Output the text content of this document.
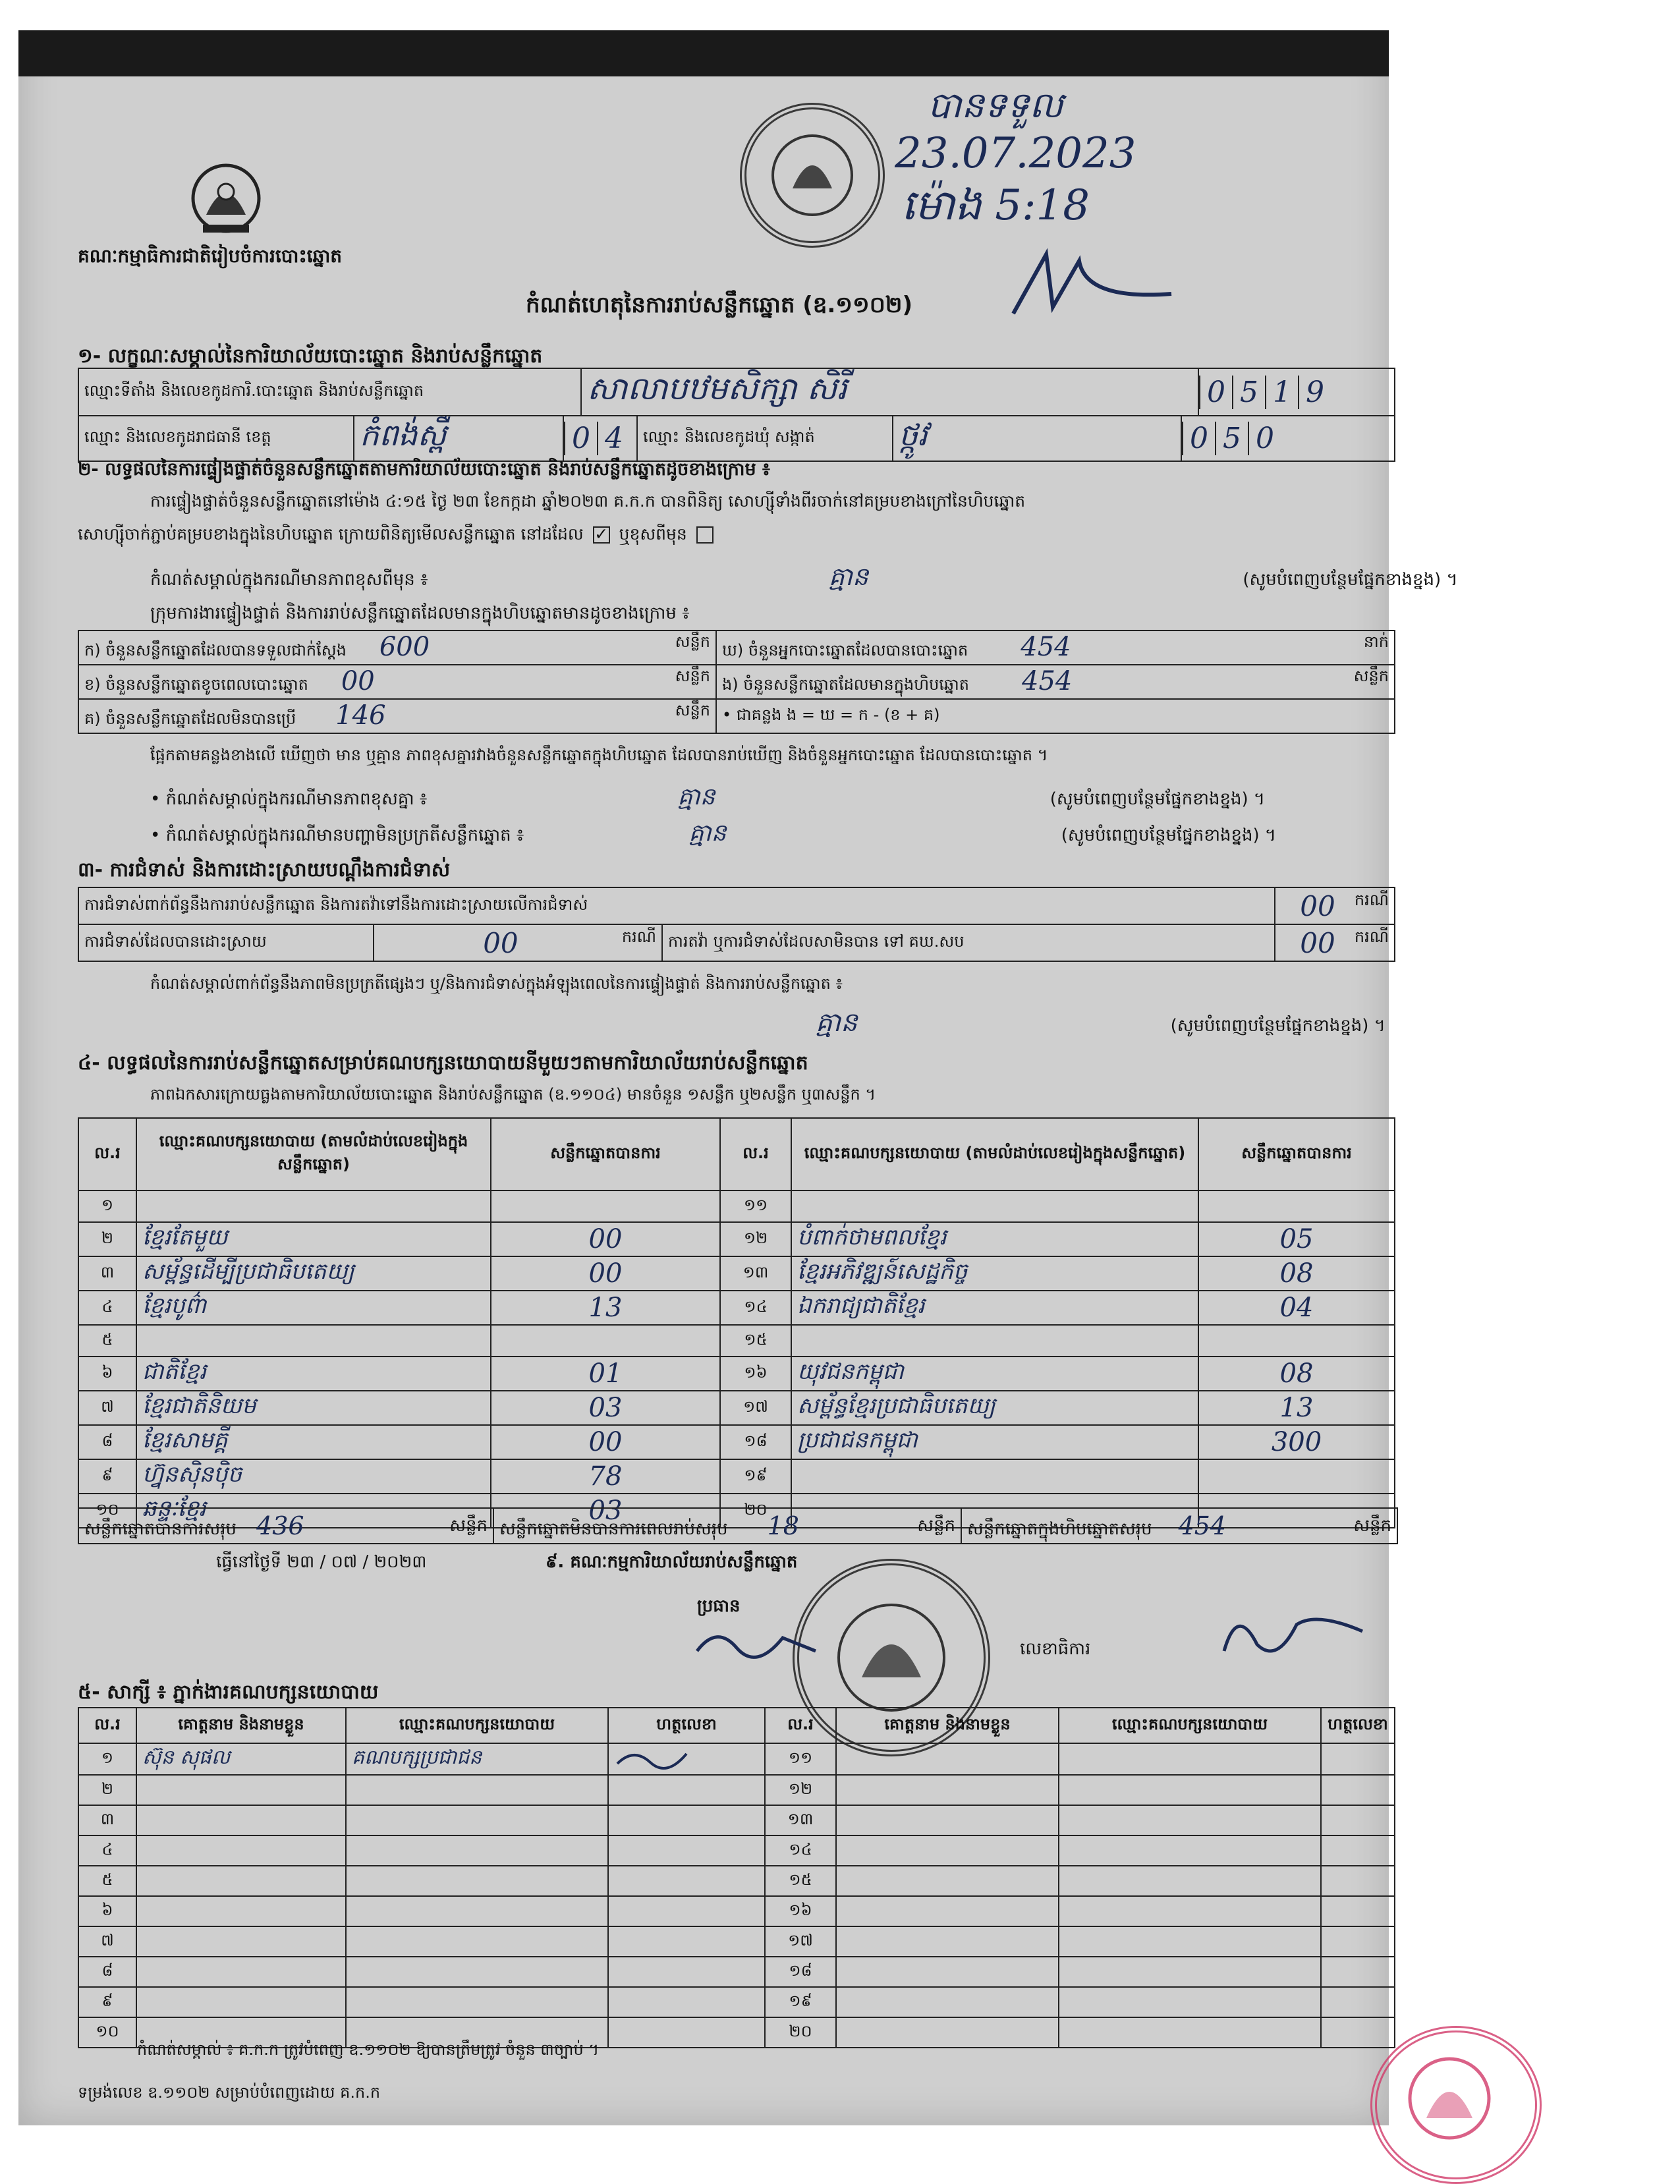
គណៈកម្មាធិការជាតិរៀបចំការបោះឆ្នោត
បានទទួល
23.07.2023
ម៉ោង 5:18
កំណត់ហេតុនៃការរាប់សន្លឹកឆ្នោត (ឧ.១១០២)
១- លក្ខណៈសម្គាល់នៃការិយាល័យបោះឆ្នោត និងរាប់សន្លឹកឆ្នោត
ឈ្មោះទីតាំង និងលេខកូដការិ.បោះឆ្នោត និងរាប់សន្លឹកឆ្នោត	សាលាបឋមសិក្សា សិរី	0 5 1 9

ឈ្មោះ និងលេខកូដរាជធានី ខេត្ត	កំពង់ស្ពឺ	0 4	ឈ្មោះ និងលេខកូដឃុំ សង្កាត់	ថ្កូវ	0 5 0
២- លទ្ធផលនៃការផ្ទៀងផ្ទាត់ចំនួនសន្លឹកឆ្នោតតាមការិយាល័យបោះឆ្នោត និងរាប់សន្លឹកឆ្នោតដូចខាងក្រោម ៖
ការផ្ទៀងផ្ទាត់ចំនួនសន្លឹកឆ្នោតនៅម៉ោង ៤:១៥ ថ្ងៃ ២៣ ខែកក្កដា ឆ្នាំ២០២៣ គ.ក.ក បានពិនិត្យ សោហ្ស៊ីទាំងពីរចាក់នៅគម្របខាងក្រៅនៃហិបឆ្នោត
សោហ្ស៊ីចាក់ភ្ជាប់គម្របខាងក្នុងនៃហិបឆ្នោត ក្រោយពិនិត្យមើលសន្លឹកឆ្នោត នៅដដែល ✓ ឬខុសពីមុន
កំណត់សម្គាល់ក្នុងករណីមានភាពខុសពីមុន ៖	គ្មាន	(សូមបំពេញបន្ថែមផ្នែកខាងខ្នង) ។
ក្រុមការងារផ្ទៀងផ្ទាត់ និងការរាប់សន្លឹកឆ្នោតដែលមានក្នុងហិបឆ្នោតមានដូចខាងក្រោម ៖
ក) ចំនួនសន្លឹកឆ្នោតដែលបានទទួលជាក់ស្តែង 600 សន្លឹក	ឃ) ចំនួនអ្នកបោះឆ្នោតដែលបានបោះឆ្នោត 454 នាក់

ខ) ចំនួនសន្លឹកឆ្នោតខូចពេលបោះឆ្នោត 00 សន្លឹក	ង) ចំនួនសន្លឹកឆ្នោតដែលមានក្នុងហិបឆ្នោត 454 សន្លឹក

គ) ចំនួនសន្លឹកឆ្នោតដែលមិនបានប្រើ 146 សន្លឹក	• ជាគន្លង ង = ឃ = ក - (ខ + គ)
ផ្អែកតាមគន្លងខាងលើ ឃើញថា មាន ឬគ្មាន ភាពខុសគ្នារវាងចំនួនសន្លឹកឆ្នោតក្នុងហិបឆ្នោត ដែលបានរាប់ឃើញ និងចំនួនអ្នកបោះឆ្នោត ដែលបានបោះឆ្នោត ។
• កំណត់សម្គាល់ក្នុងករណីមានភាពខុសគ្នា ៖	គ្មាន	(សូមបំពេញបន្ថែមផ្នែកខាងខ្នង) ។
• កំណត់សម្គាល់ក្នុងករណីមានបញ្ហាមិនប្រក្រតីសន្លឹកឆ្នោត ៖	គ្មាន	(សូមបំពេញបន្ថែមផ្នែកខាងខ្នង) ។
៣- ការជំទាស់ និងការដោះស្រាយបណ្តឹងការជំទាស់
ការជំទាស់ពាក់ព័ន្ធនឹងការរាប់សន្លឹកឆ្នោត និងការតវ៉ាទៅនឹងការដោះស្រាយលើការជំទាស់			00 ករណី

ការជំទាស់ដែលបានដោះស្រាយ	00 ករណី	ការតវ៉ា ឬការជំទាស់ដែលសាមិនបាន ទៅ គឃ.សប	00 ករណី
កំណត់សម្គាល់ពាក់ព័ន្ធនឹងភាពមិនប្រក្រតីផ្សេងៗ ឬ/និងការជំទាស់ក្នុងអំឡុងពេលនៃការផ្ទៀងផ្ទាត់ និងការរាប់សន្លឹកឆ្នោត ៖
គ្មាន	(សូមបំពេញបន្ថែមផ្នែកខាងខ្នង) ។
៤- លទ្ធផលនៃការរាប់សន្លឹកឆ្នោតសម្រាប់គណបក្សនយោបាយនីមួយៗតាមការិយាល័យរាប់សន្លឹកឆ្នោត
ភាពឯកសារក្រោយធ្លងតាមការិយាល័យបោះឆ្នោត និងរាប់សន្លឹកឆ្នោត (ឧ.១១០៤) មានចំនួន ១សន្លឹក ឬ២សន្លឹក ឬ៣សន្លឹក ។
ល.រ	ឈ្មោះគណបក្សនយោបាយ (តាមលំដាប់លេខរៀងក្នុងសន្លឹកឆ្នោត)	សន្លឹកឆ្នោតបានការ	ល.រ	ឈ្មោះគណបក្សនយោបាយ (តាមលំដាប់លេខរៀងក្នុងសន្លឹកឆ្នោត)	សន្លឹកឆ្នោតបានការ
១			១១		
២	ខ្មែរតែមួយ	00	១២	បំពាក់ថាមពលខ្មែរ	05
៣	សម្ព័ន្ធដើម្បីប្រជាធិបតេយ្យ	00	១៣	ខ្មែរអភិវឌ្ឍន៍សេដ្ឋកិច្ច	08
៤	ខ្មែរបូព៌ា	13	១៤	ឯករាជ្យជាតិខ្មែរ	04
៥			១៥		
៦	ជាតិខ្មែរ	01	១៦	យុវជនកម្ពុជា	08
៧	ខ្មែរជាតិនិយម	03	១៧	សម្ព័ន្ធខ្មែរប្រជាធិបតេយ្យ	13
៨	ខ្មែរសាមគ្គី	00	១៨	ប្រជាជនកម្ពុជា	300
៩	ហ្វ៊ុនស៊ិនប៉ិច	78	១៩		
១០	ឆន្ទៈខ្មែរ	03	២០		
សន្លឹកឆ្នោតបានការសរុប 436	សន្លឹក សន្លឹកឆ្នោតមិនបានការពេលរាប់សរុប 18	សន្លឹក សន្លឹកឆ្នោតក្នុងហិបឆ្នោតសរុប 454	សន្លឹក
ធ្វើនៅថ្ងៃទី ២៣ / ០៧ / ២០២៣	៩. គណៈកម្មការិយាល័យរាប់សន្លឹកឆ្នោត
ប្រធាន
លេខាធិការ
៥- សាក្សី ៖ ភ្នាក់ងារគណបក្សនយោបាយ
ល.រ	គោត្តនាម និងនាមខ្លួន	ឈ្មោះគណបក្សនយោបាយ	ហត្ថលេខា	ល.រ	គោត្តនាម និងនាមខ្លួន	ឈ្មោះគណបក្សនយោបាយ	ហត្ថលេខា
១	ស៊ុន សុផល	គណបក្សប្រជាជន		១១			
២				១២			
៣				១៣			
៤				១៤			
៥				១៥			
៦				១៦			
៧				១៧			
៨				១៨			
៩				១៩			
១០				២០			
កំណត់សម្គាល់ ៖ គ.ក.ក ត្រូវបំពេញ ឧ.១១០២ ឱ្យបានត្រឹមត្រូវ ចំនួន ៣ច្បាប់ ។
ទម្រង់លេខ ឧ.១១០២ សម្រាប់បំពេញដោយ គ.ក.ក
